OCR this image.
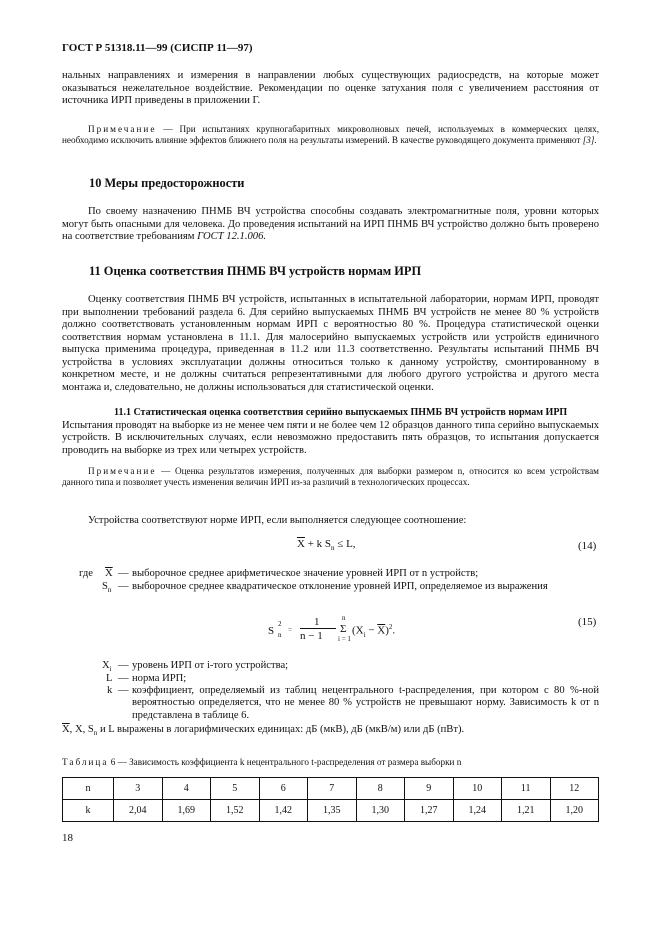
ГОСТ Р 51318.11—99 (СИСПР 11—97)

нальных направлениях и измерения в направлении любых существующих радиосредств, на которые может оказываться нежелательное воздействие. Рекомендации по оценке затухания поля с увеличением расстояния от источника ИРП приведены в приложении Г.

Примечание — При испытаниях крупногабаритных микроволновых печей, используемых в коммерческих целях, необходимо исключить влияние эффектов ближнего поля на результаты измерений. В качестве руководящего документа применяют [3].

10 Меры предосторожности

По своему назначению ПНМБ ВЧ устройства способны создавать электромагнитные поля, уровни которых могут быть опасными для человека. До проведения испытаний на ИРП ПНМБ ВЧ устройство должно быть проверено на соответствие требованиям ГОСТ 12.1.006.

11 Оценка соответствия ПНМБ ВЧ устройств нормам ИРП

Оценку соответствия ПНМБ ВЧ устройств, испытанных в испытательной лаборатории, нормам ИРП, проводят при выполнении требований раздела 6. Для серийно выпускаемых ПНМБ ВЧ устройств не менее 80 % устройств должно соответствовать установленным нормам ИРП с вероятностью 80 %. Процедура статистической оценки соответствия нормам установлена в 11.1. Для малосерийно выпускаемых устройств или устройств единичного выпуска применима процедура, приведенная в 11.2 или 11.3 соответственно. Результаты испытаний ПНМБ ВЧ устройства в условиях эксплуатации должны относиться только к данному устройству, смонтированному в конкретном месте, и не должны считаться репрезентативными для любого другого устройства и другого места монтажа и, следовательно, не должны использоваться для статистической оценки.

11.1 Статистическая оценка соответствия серийно выпускаемых ПНМБ ВЧ устройств нормам ИРП Испытания проводят на выборке из не менее чем пяти и не более чем 12 образцов данного типа серийно выпускаемых устройств. В исключительных случаях, если невозможно предоставить пять образцов, то испытания допускается проводить на выборке из трех или четырех устройств.

Примечание — Оценка результатов измерения, полученных для выборки размером n, относится ко всем устройствам данного типа и позволяет учесть изменения величин ИРП из-за различий в технологических процессах.

Устройства соответствуют норме ИРП, если выполняется следующее соотношение:

$\overline{X} + k$ $S_n \le L$,	(14)
где $\overline{X}$ — выборочное среднее арифметическое значение уровней ИРП от n устройств;
$S_n$ — выборочное среднее квадратическое отклонение уровней ИРП, определяемое из выражения
S
2
n
=
1
n − 1
n
Σ
i = 1
$(X_i - \overline{X})^2$.
(15)
$X_i$ — уровень ИРП от i-того устройства;
L — норма ИРП;
k — коэффициент, определяемый из таблиц нецентрального t-распределения, при котором с 80 %-ной вероятностью определяется, что не менее 80 % устройств не превышают норму. Зависимость k от n представлена в таблице 6.

$\overline{X}$, X, $S_n$ и L выражены в логарифмических единицах: дБ (мкВ), дБ (мкВ/м) или дБ (пВт).

Таблица 6 — Зависимость коэффициента k нецентрального t-распределения от размера выборки n

n	3	4	5	6	7	8	9	10	11	12
k	2,04	1,69	1,52	1,42	1,35	1,30	1,27	1,24	1,21	1,20
18
